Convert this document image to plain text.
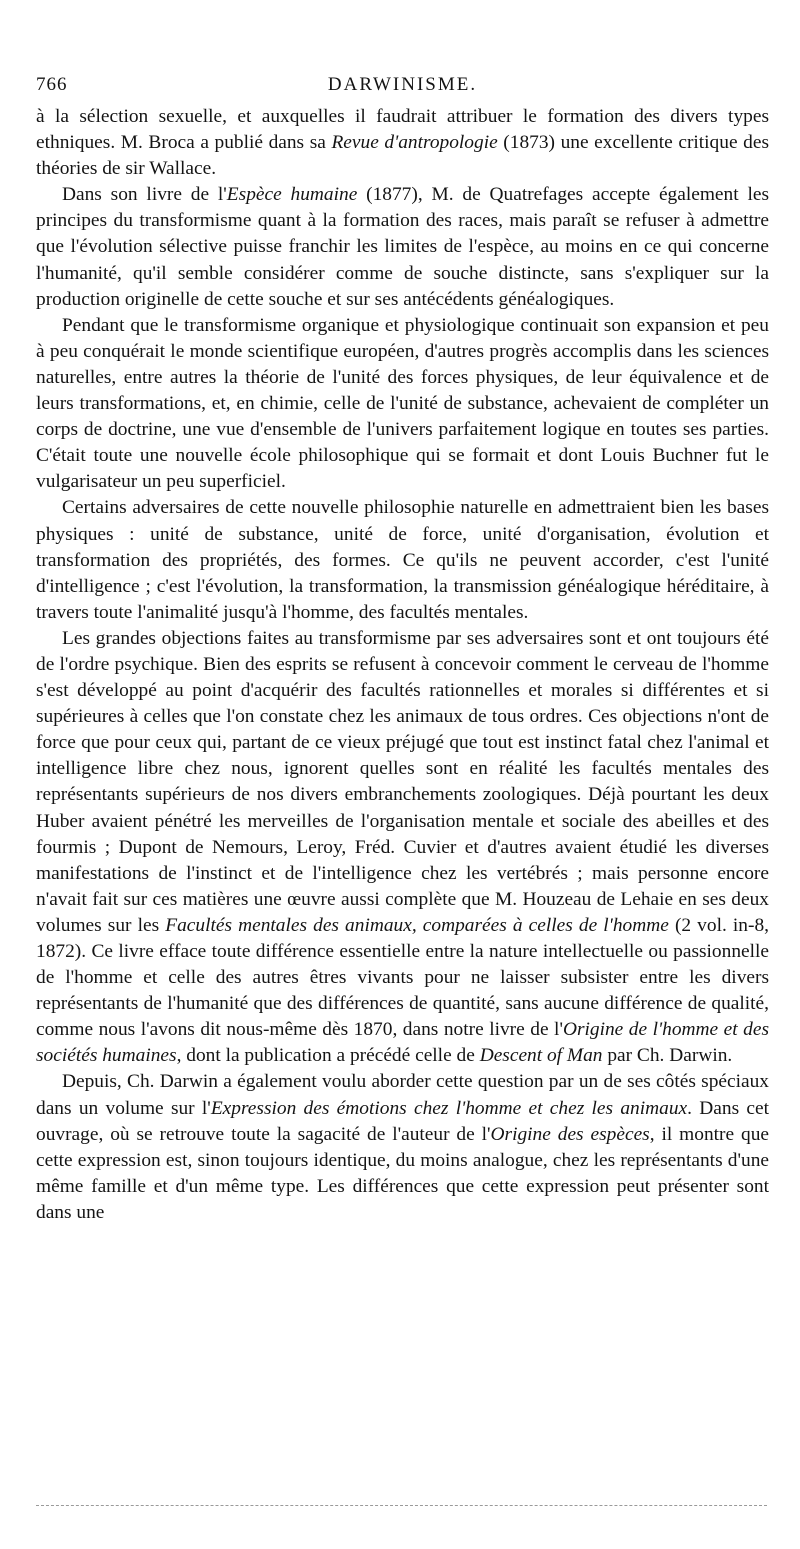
766	DARWINISME.

à la sélection sexuelle, et auxquelles il faudrait attribuer le formation des divers types ethniques. M. Broca a publié dans sa Revue d'antropologie (1873) une excellente critique des théories de sir Wallace.

Dans son livre de l'Espèce humaine (1877), M. de Quatrefages accepte également les principes du transformisme quant à la formation des races, mais paraît se refuser à admettre que l'évolution sélective puisse franchir les limites de l'espèce, au moins en ce qui concerne l'humanité, qu'il semble considérer comme de souche distincte, sans s'expliquer sur la production originelle de cette souche et sur ses antécédents généalogiques.

Pendant que le transformisme organique et physiologique continuait son expansion et peu à peu conquérait le monde scientifique européen, d'autres progrès accomplis dans les sciences naturelles, entre autres la théorie de l'unité des forces physiques, de leur équivalence et de leurs transformations, et, en chimie, celle de l'unité de substance, achevaient de compléter un corps de doctrine, une vue d'ensemble de l'univers parfaitement logique en toutes ses parties. C'était toute une nouvelle école philosophique qui se formait et dont Louis Buchner fut le vulgarisateur un peu superficiel.

Certains adversaires de cette nouvelle philosophie naturelle en admettraient bien les bases physiques : unité de substance, unité de force, unité d'organisation, évolution et transformation des propriétés, des formes. Ce qu'ils ne peuvent accorder, c'est l'unité d'intelligence ; c'est l'évolution, la transformation, la transmission généalogique héréditaire, à travers toute l'animalité jusqu'à l'homme, des facultés mentales.

Les grandes objections faites au transformisme par ses adversaires sont et ont toujours été de l'ordre psychique. Bien des esprits se refusent à concevoir comment le cerveau de l'homme s'est développé au point d'acquérir des facultés rationnelles et morales si différentes et si supérieures à celles que l'on constate chez les animaux de tous ordres. Ces objections n'ont de force que pour ceux qui, partant de ce vieux préjugé que tout est instinct fatal chez l'animal et intelligence libre chez nous, ignorent quelles sont en réalité les facultés mentales des représentants supérieurs de nos divers embranchements zoologiques. Déjà pourtant les deux Huber avaient pénétré les merveilles de l'organisation mentale et sociale des abeilles et des fourmis ; Dupont de Nemours, Leroy, Fréd. Cuvier et d'autres avaient étudié les diverses manifestations de l'instinct et de l'intelligence chez les vertébrés ; mais personne encore n'avait fait sur ces matières une œuvre aussi complète que M. Houzeau de Lehaie en ses deux volumes sur les Facultés mentales des animaux, comparées à celles de l'homme (2 vol. in-8, 1872). Ce livre efface toute différence essentielle entre la nature intellectuelle ou passionnelle de l'homme et celle des autres êtres vivants pour ne laisser subsister entre les divers représentants de l'humanité que des différences de quantité, sans aucune différence de qualité, comme nous l'avons dit nous-même dès 1870, dans notre livre de l'Origine de l'homme et des sociétés humaines, dont la publication a précédé celle de Descent of Man par Ch. Darwin.

Depuis, Ch. Darwin a également voulu aborder cette question par un de ses côtés spéciaux dans un volume sur l'Expression des émotions chez l'homme et chez les animaux. Dans cet ouvrage, où se retrouve toute la sagacité de l'auteur de l'Origine des espèces, il montre que cette expression est, sinon toujours identique, du moins analogue, chez les représentants d'une même famille et d'un même type. Les différences que cette expression peut présenter sont dans une
